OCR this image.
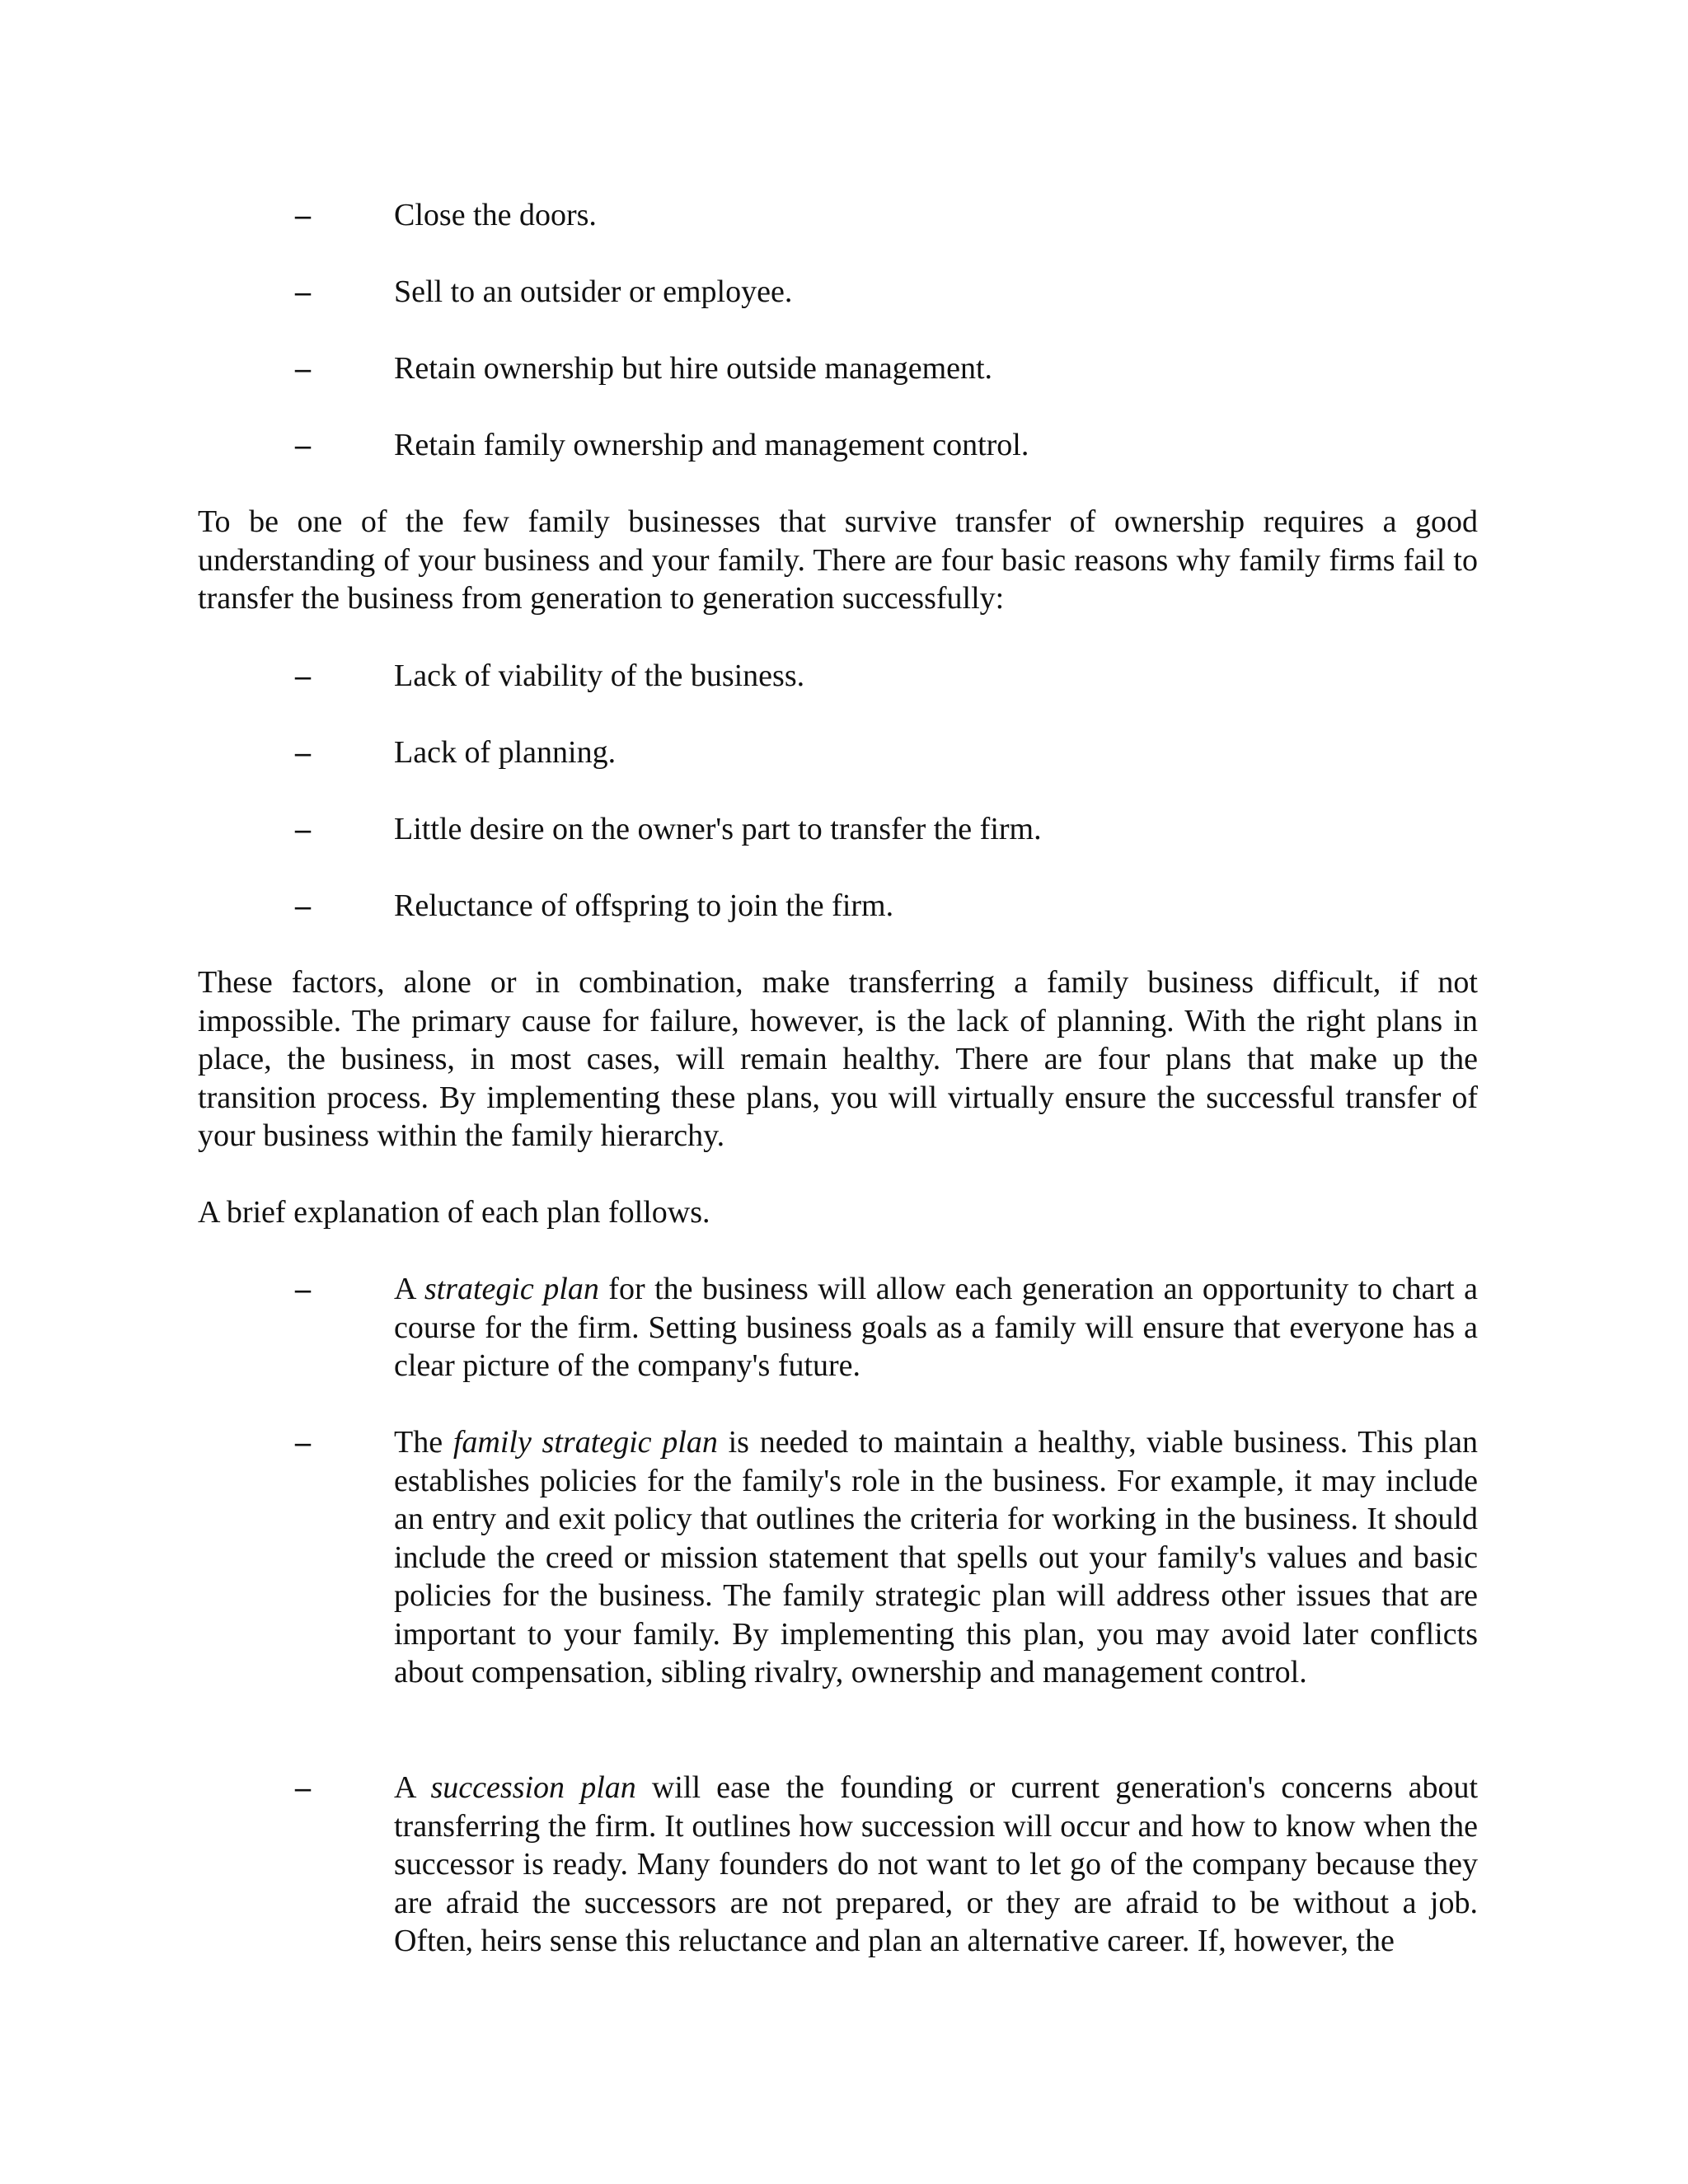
–	Close the doors.
–	Sell to an outsider or employee.
–	Retain ownership but hire outside management.
–	Retain family ownership and management control.

To be one of the few family businesses that survive transfer of ownership requires a good understanding of your business and your family. There are four basic reasons why family firms fail to transfer the business from generation to generation successfully:

–	Lack of viability of the business.
–	Lack of planning.
–	Little desire on the owner's part to transfer the firm.
–	Reluctance of offspring to join the firm.

These factors, alone or in combination, make transferring a family business difficult, if not impossible. The primary cause for failure, however, is the lack of planning. With the right plans in place, the business, in most cases, will remain healthy. There are four plans that make up the transition process. By implementing these plans, you will virtually ensure the successful transfer of your business within the family hierarchy.

A brief explanation of each plan follows.

–	A strategic plan for the business will allow each generation an opportunity to chart a course for the firm. Setting business goals as a family will ensure that everyone has a clear picture of the company's future.
–	The family strategic plan is needed to maintain a healthy, viable business. This plan establishes policies for the family's role in the business. For example, it may include an entry and exit policy that outlines the criteria for working in the business. It should include the creed or mission statement that spells out your family's values and basic policies for the business. The family strategic plan will address other issues that are important to your family. By implementing this plan, you may avoid later conflicts about compensation, sibling rivalry, ownership and management control.
–	A succession plan will ease the founding or current generation's concerns about transferring the firm. It outlines how succession will occur and how to know when the successor is ready. Many founders do not want to let go of the company because they are afraid the successors are not prepared, or they are afraid to be without a job. Often, heirs sense this reluctance and plan an alternative career. If, however, the
